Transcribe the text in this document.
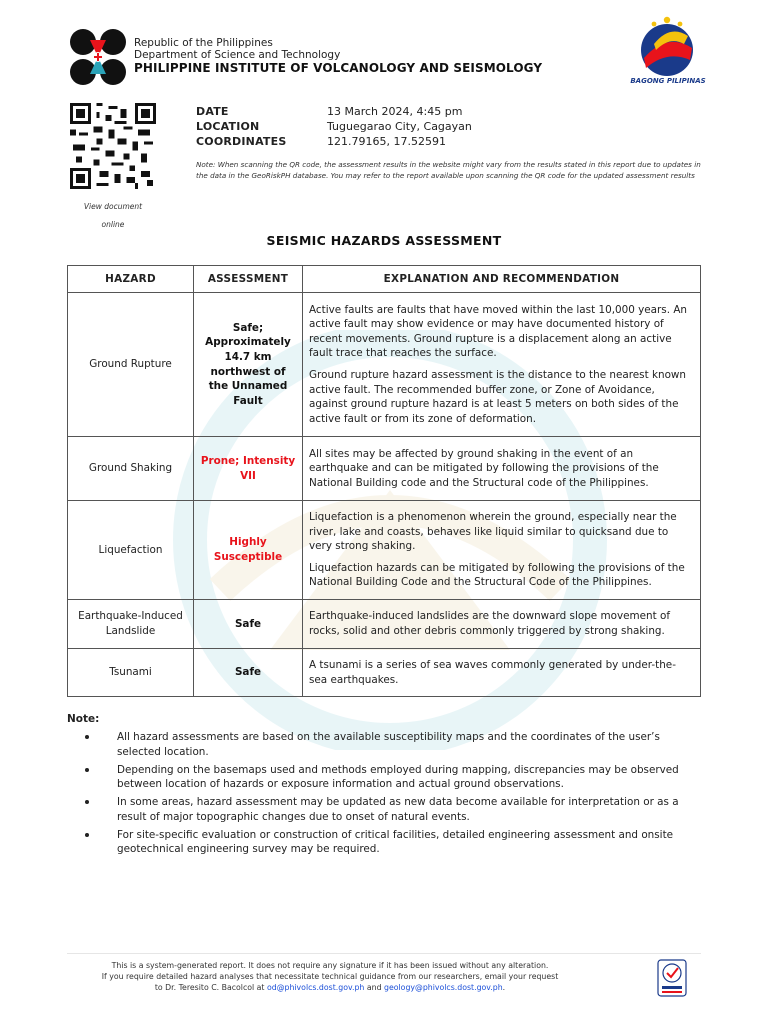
Republic of the Philippines
Department of Science and Technology
PHILIPPINE INSTITUTE OF VOLCANOLOGY AND SEISMOLOGY
BAGONG PILIPINAS
View document
online
DATE	13 March 2024, 4:45 pm
LOCATION	Tuguegarao City, Cagayan
COORDINATES	121.79165, 17.52591
Note: When scanning the QR code, the assessment results in the website might vary from the results stated in this report due to updates in the data in the GeoRiskPH database. You may refer to the report available upon scanning the QR code for the updated assessment results
SEISMIC HAZARDS ASSESSMENT
HAZARD	ASSESSMENT	EXPLANATION AND RECOMMENDATION
Ground Rupture	Safe; Approximately 14.7 km northwest of the Unnamed Fault	Active faults are faults that have moved within the last 10,000 years. An active fault may show evidence or may have documented history of recent movements. Ground rupture is a displacement along an active fault trace that reaches the surface.

Ground rupture hazard assessment is the distance to the nearest known active fault. The recommended buffer zone, or Zone of Avoidance, against ground rupture hazard is at least 5 meters on both sides of the active fault or from its zone of deformation.

Ground Shaking	Prone; Intensity VII	All sites may be affected by ground shaking in the event of an earthquake and can be mitigated by following the provisions of the National Building code and the Structural code of the Philippines.

Liquefaction	Highly Susceptible	Liquefaction is a phenomenon wherein the ground, especially near the river, lake and coasts, behaves like liquid similar to quicksand due to very strong shaking.

Liquefaction hazards can be mitigated by following the provisions of the National Building Code and the Structural Code of the Philippines.

Earthquake-Induced Landslide	Safe	Earthquake-induced landslides are the downward slope movement of rocks, solid and other debris commonly triggered by strong shaking.

Tsunami	Safe	A tsunami is a series of sea waves commonly generated by under-the-sea earthquakes.

Note:
All hazard assessments are based on the available susceptibility maps and the coordinates of the user’s selected location.
Depending on the basemaps used and methods employed during mapping, discrepancies may be observed between location of hazards or exposure information and actual ground observations.
In some areas, hazard assessment may be updated as new data become available for interpretation or as a result of major topographic changes due to onset of natural events.
For site-specific evaluation or construction of critical facilities, detailed engineering assessment and onsite geotechnical engineering survey may be required.
This is a system-generated report. It does not require any signature if it has been issued without any alteration.
If you require detailed hazard analyses that necessitate technical guidance from our researchers, email your request
to Dr. Teresito C. Bacolcol at od@phivolcs.dost.gov.ph and geology@phivolcs.dost.gov.ph.
